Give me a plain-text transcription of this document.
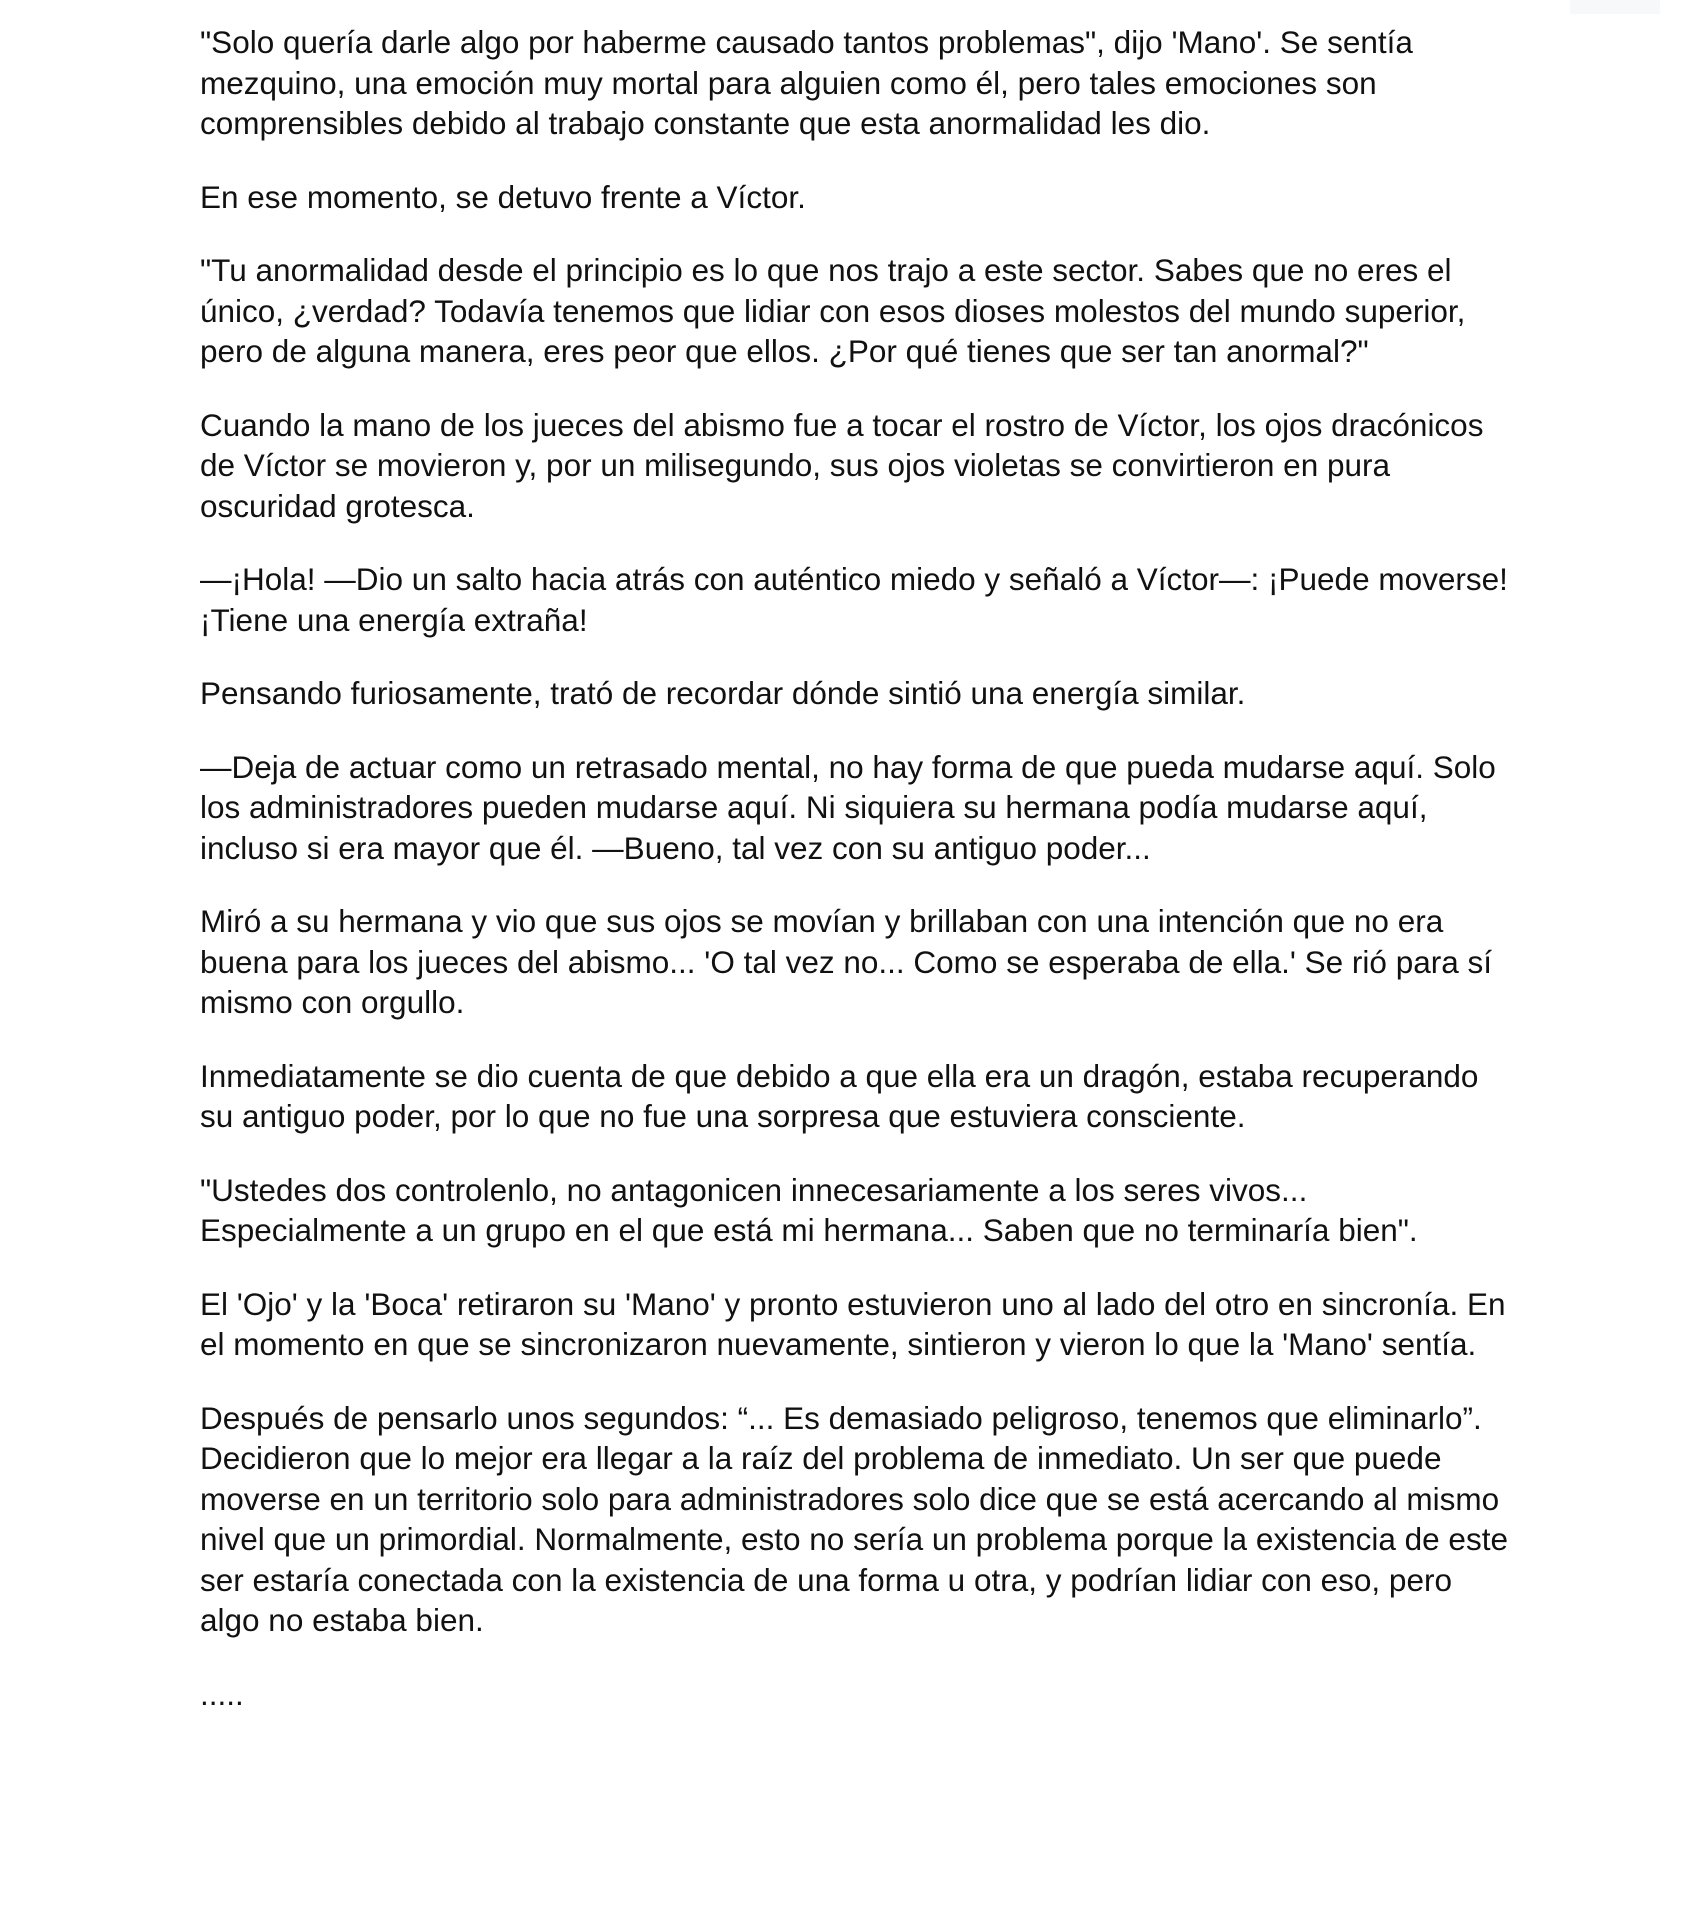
"Solo quería darle algo por haberme causado tantos problemas", dijo 'Mano'. Se sentía mezquino, una emoción muy mortal para alguien como él, pero tales emociones son comprensibles debido al trabajo constante que esta anormalidad les dio.

En ese momento, se detuvo frente a Víctor.

"Tu anormalidad desde el principio es lo que nos trajo a este sector. Sabes que no eres el único, ¿verdad? Todavía tenemos que lidiar con esos dioses molestos del mundo superior, pero de alguna manera, eres peor que ellos. ¿Por qué tienes que ser tan anormal?"

Cuando la mano de los jueces del abismo fue a tocar el rostro de Víctor, los ojos dracónicos de Víctor se movieron y, por un milisegundo, sus ojos violetas se convirtieron en pura oscuridad grotesca.

—¡Hola! —Dio un salto hacia atrás con auténtico miedo y señaló a Víctor—: ¡Puede moverse! ¡Tiene una energía extraña!

Pensando furiosamente, trató de recordar dónde sintió una energía similar.

—Deja de actuar como un retrasado mental, no hay forma de que pueda mudarse aquí. Solo los administradores pueden mudarse aquí. Ni siquiera su hermana podía mudarse aquí, incluso si era mayor que él. —Bueno, tal vez con su antiguo poder...

Miró a su hermana y vio que sus ojos se movían y brillaban con una intención que no era buena para los jueces del abismo... 'O tal vez no... Como se esperaba de ella.' Se rió para sí mismo con orgullo.

Inmediatamente se dio cuenta de que debido a que ella era un dragón, estaba recuperando su antiguo poder, por lo que no fue una sorpresa que estuviera consciente.

"Ustedes dos controlenlo, no antagonicen innecesariamente a los seres vivos... Especialmente a un grupo en el que está mi hermana... Saben que no terminaría bien".

El 'Ojo' y la 'Boca' retiraron su 'Mano' y pronto estuvieron uno al lado del otro en sincronía. En el momento en que se sincronizaron nuevamente, sintieron y vieron lo que la 'Mano' sentía.

Después de pensarlo unos segundos: “... Es demasiado peligroso, tenemos que eliminarlo”. Decidieron que lo mejor era llegar a la raíz del problema de inmediato. Un ser que puede moverse en un territorio solo para administradores solo dice que se está acercando al mismo nivel que un primordial. Normalmente, esto no sería un problema porque la existencia de este ser estaría conectada con la existencia de una forma u otra, y podrían lidiar con eso, pero algo no estaba bien.

.....
